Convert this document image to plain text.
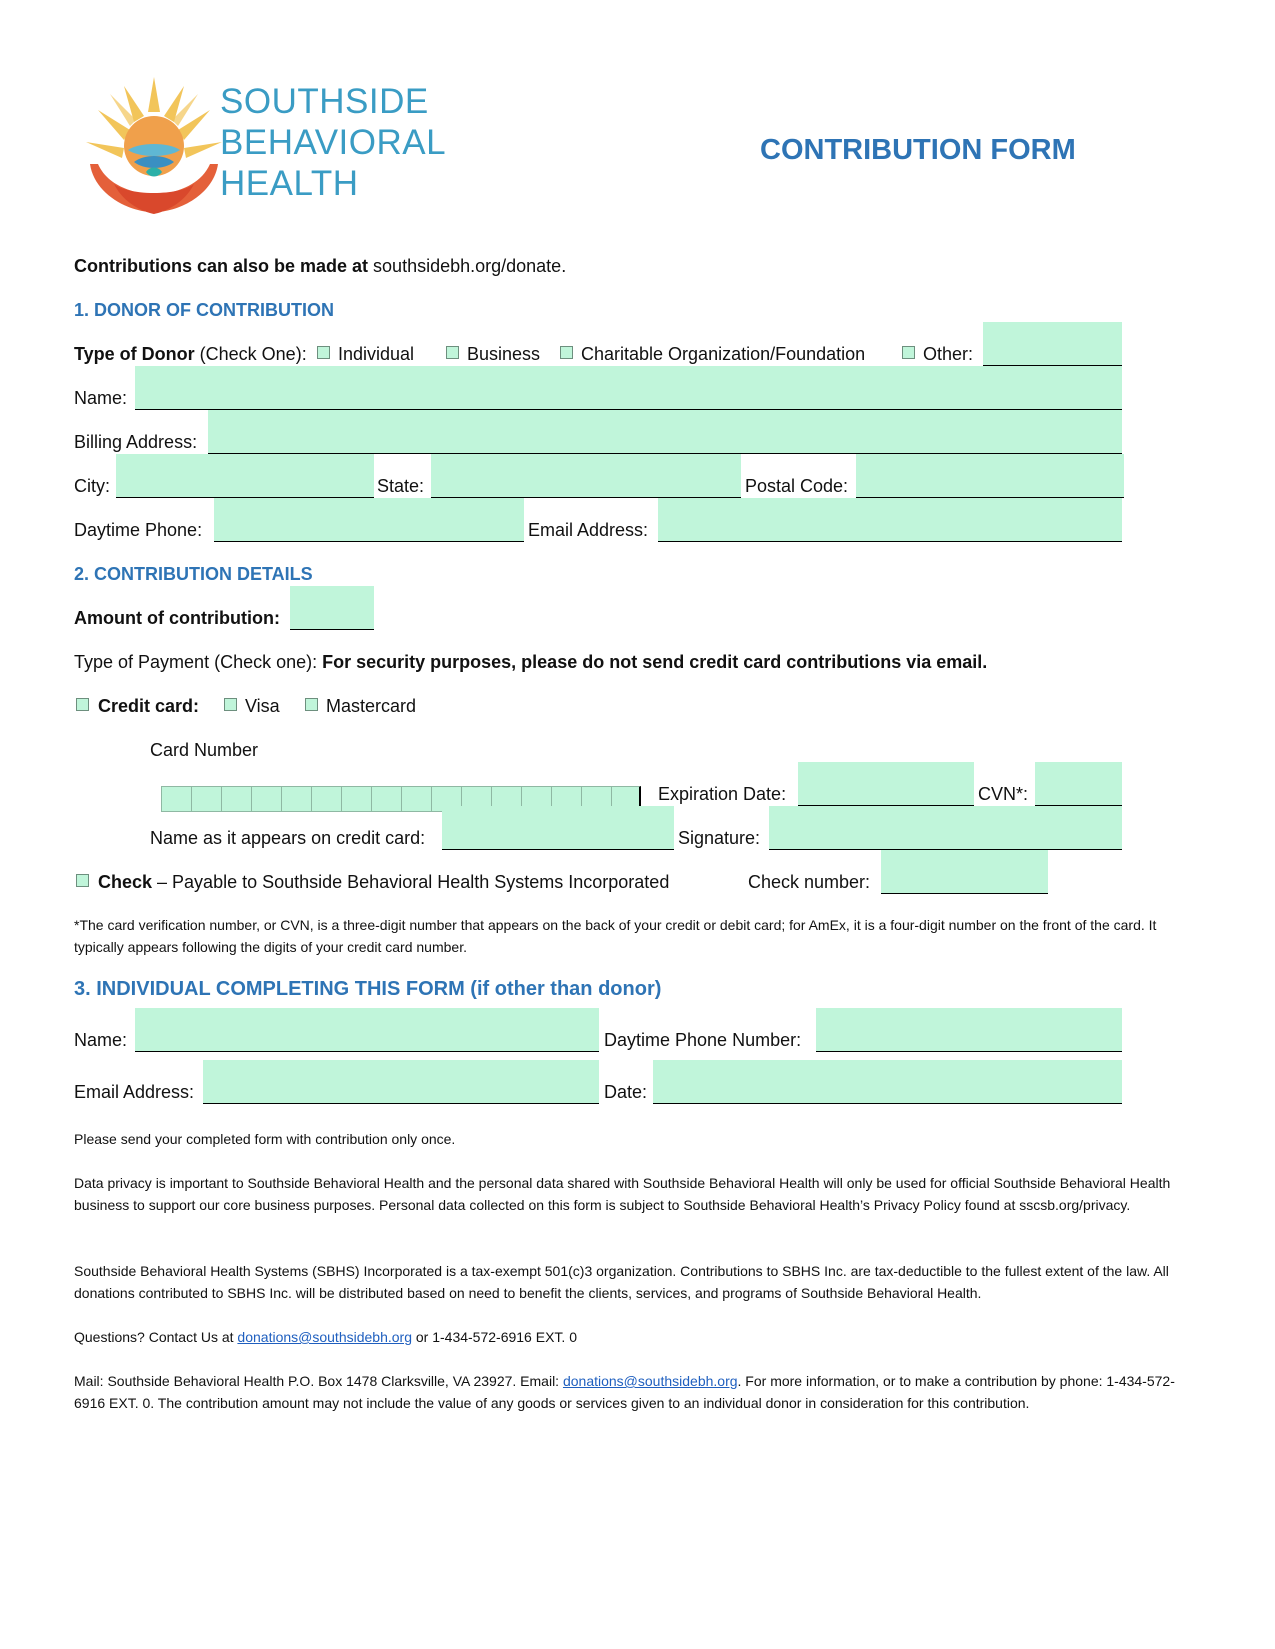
SOUTHSIDE
BEHAVIORAL
HEALTH
CONTRIBUTION FORM
Contributions can also be made at southsidebh.org/donate.
1. DONOR OF CONTRIBUTION
Type of Donor (Check One): Individual	Business Charitable Organization/Foundation	Other:
Name:
Billing Address:
City:	State:	Postal Code:
Daytime Phone:	Email Address:
2. CONTRIBUTION DETAILS
Amount of contribution:
Type of Payment (Check one): For security purposes, please do not send credit card contributions via email.
Credit card:	Visa	Mastercard
Card Number
Expiration Date:	CVN*:
Name as it appears on credit card:	Signature:
Check – Payable to Southside Behavioral Health Systems Incorporated	Check number:
*The card verification number, or CVN, is a three-digit number that appears on the back of your credit or debit card; for AmEx, it is a four-digit number on the front of the card. It typically appears following the digits of your credit card number.
3. INDIVIDUAL COMPLETING THIS FORM (if other than donor)
Name:	Daytime Phone Number:
Email Address:	Date:
Please send your completed form with contribution only once.
Data privacy is important to Southside Behavioral Health and the personal data shared with Southside Behavioral Health will only be used for official Southside Behavioral Health business to support our core business purposes. Personal data collected on this form is subject to Southside Behavioral Health’s Privacy Policy found at sscsb.org/privacy.
Southside Behavioral Health Systems (SBHS) Incorporated is a tax-exempt 501(c)3 organization. Contributions to SBHS Inc. are tax-deductible to the fullest extent of the law. All donations contributed to SBHS Inc. will be distributed based on need to benefit the clients, services, and programs of Southside Behavioral Health.
Questions? Contact Us at donations@southsidebh.org or 1-434-572-6916 EXT. 0
Mail: Southside Behavioral Health P.O. Box 1478 Clarksville, VA 23927. Email: donations@southsidebh.org. For more information, or to make a contribution by phone: 1-434-572-6916 EXT. 0. The contribution amount may not include the value of any goods or services given to an individual donor in consideration for this contribution.
